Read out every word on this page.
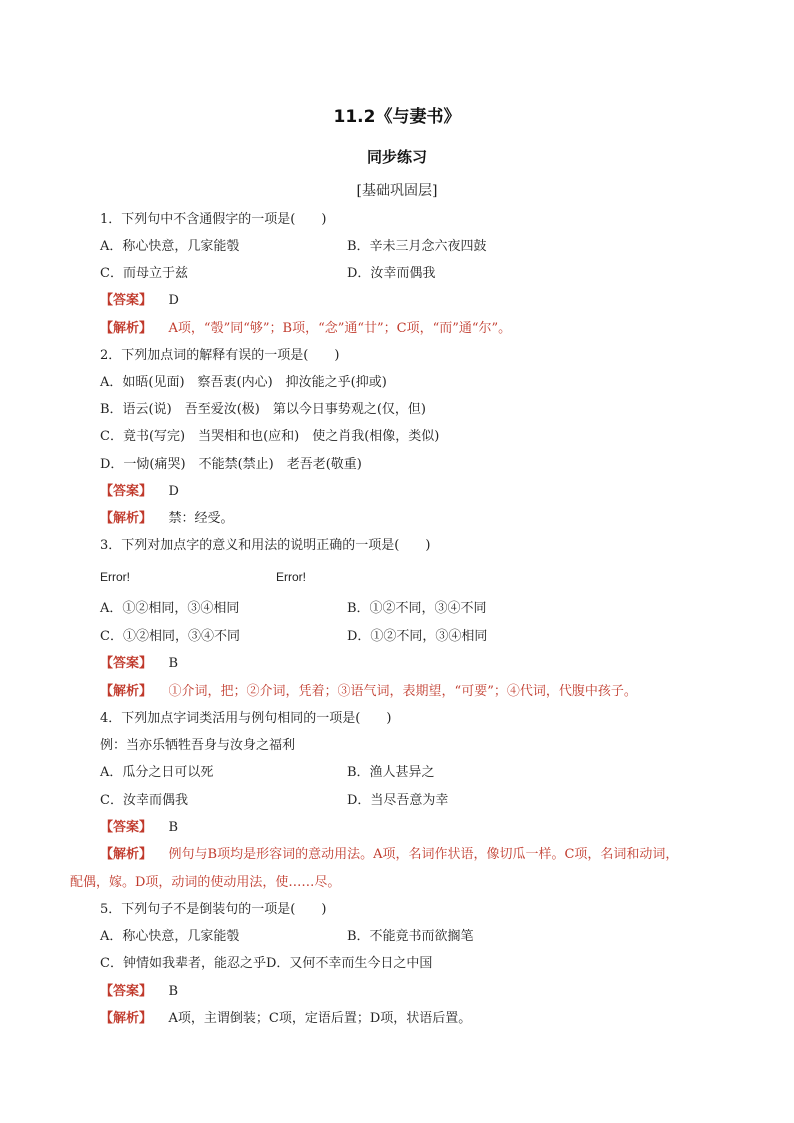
11.2《与妻书》
同步练习
[基础巩固层]
1．下列句中不含通假字的一项是(　　)
A．称心快意，几家能彀	B．辛未三月念六夜四鼓
C．而母立于兹	D．汝幸而偶我
【答案】 D
【解析】 A项，“彀”同“够”；B项，“念”通“廿”；C项，“而”通“尔”。
2．下列加点词的解释有误的一项是(　　)
A．如晤(见面)　察吾衷(内心)　抑汝能之乎(抑或)
B．语云(说)　吾至爱汝(极)　第以今日事势观之(仅，但)
C．竟书(写完)　当哭相和也(应和)　使之肖我(相像，类似)
D．一恸(痛哭)　不能禁(禁止)　老吾老(敬重)
【答案】 D
【解析】 禁：经受。
3．下列对加点字的意义和用法的说明正确的一项是(　　)
Error!	Error!
A．①②相同，③④相同	B．①②不同，③④不同
C．①②相同，③④不同	D．①②不同，③④相同
【答案】 B
【解析】 ①介词，把；②介词，凭着；③语气词，表期望，“可要”；④代词，代腹中孩子。
4．下列加点字词类活用与例句相同的一项是(　　)
例：当亦乐牺牲吾身与汝身之福利
A．瓜分之日可以死	B．渔人甚异之
C．汝幸而偶我	D．当尽吾意为幸
【答案】 B
【解析】 例句与B项均是形容词的意动用法。A项，名词作状语，像切瓜一样。C项，名词和动词，
配偶，嫁。D项，动词的使动用法，使……尽。
5．下列句子不是倒装句的一项是(　　)
A．称心快意，几家能彀	B．不能竟书而欲搁笔
C．钟情如我辈者，能忍之乎D．又何不幸而生今日之中国
【答案】 B
【解析】 A项，主谓倒装；C项，定语后置；D项，状语后置。
